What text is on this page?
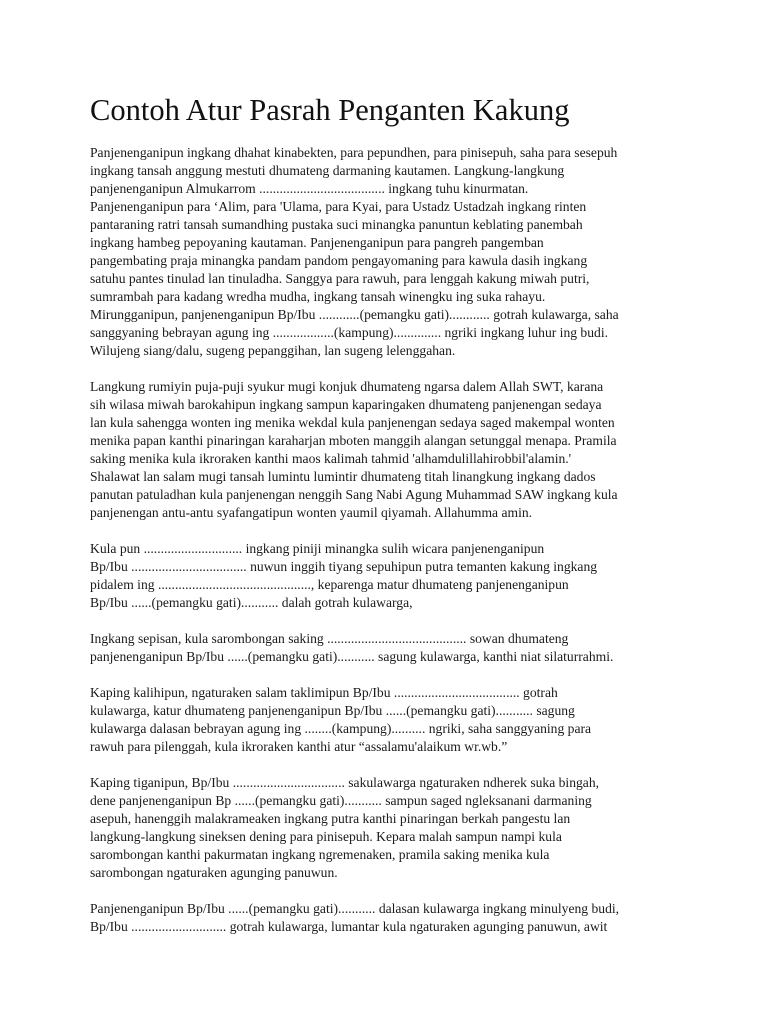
Contoh Atur Pasrah Penganten Kakung
Panjenenganipun ingkang dhahat kinabekten, para pepundhen, para pinisepuh, saha para sesepuh
ingkang tansah anggung mestuti dhumateng darmaning kautamen. Langkung-langkung
panjenenganipun Almukarrom ..................................... ingkang tuhu kinurmatan.
Panjenenganipun para ‘Alim, para 'Ulama, para Kyai, para Ustadz Ustadzah ingkang rinten
pantaraning ratri tansah sumandhing pustaka suci minangka panuntun keblating panembah
ingkang hambeg pepoyaning kautaman. Panjenenganipun para pangreh pangemban
pangembating praja minangka pandam pandom pengayomaning para kawula dasih ingkang
satuhu pantes tinulad lan tinuladha. Sanggya para rawuh, para lenggah kakung miwah putri,
sumrambah para kadang wredha mudha, ingkang tansah winengku ing suka rahayu.
Mirungganipun, panjenenganipun Bp/Ibu ............(pemangku gati)............ gotrah kulawarga, saha
sanggyaning bebrayan agung ing ..................(kampung).............. ngriki ingkang luhur ing budi.
Wilujeng siang/dalu, sugeng pepanggihan, lan sugeng lelenggahan.
Langkung rumiyin puja-puji syukur mugi konjuk dhumateng ngarsa dalem Allah SWT, karana
sih wilasa miwah barokahipun ingkang sampun kaparingaken dhumateng panjenengan sedaya
lan kula sahengga wonten ing menika wekdal kula panjenengan sedaya saged makempal wonten
menika papan kanthi pinaringan karaharjan mboten manggih alangan setunggal menapa. Pramila
saking menika kula ikroraken kanthi maos kalimah tahmid 'alhamdulillahirobbil'alamin.'
Shalawat lan salam mugi tansah lumintu lumintir dhumateng titah linangkung ingkang dados
panutan patuladhan kula panjenengan nenggih Sang Nabi Agung Muhammad SAW ingkang kula
panjenengan antu-antu syafangatipun wonten yaumil qiyamah. Allahumma amin.
Kula pun ............................. ingkang piniji minangka sulih wicara panjenenganipun
Bp/Ibu .................................. nuwun inggih tiyang sepuhipun putra temanten kakung ingkang
pidalem ing ............................................., keparenga matur dhumateng panjenenganipun
Bp/Ibu ......(pemangku gati)........... dalah gotrah kulawarga,
Ingkang sepisan, kula sarombongan saking ......................................... sowan dhumateng
panjenenganipun Bp/Ibu ......(pemangku gati)........... sagung kulawarga, kanthi niat silaturrahmi.
Kaping kalihipun, ngaturaken salam taklimipun Bp/Ibu ..................................... gotrah
kulawarga, katur dhumateng panjenenganipun Bp/Ibu ......(pemangku gati)........... sagung
kulawarga dalasan bebrayan agung ing ........(kampung).......... ngriki, saha sanggyaning para
rawuh para pilenggah, kula ikroraken kanthi atur “assalamu'alaikum wr.wb.”
Kaping tiganipun, Bp/Ibu ................................. sakulawarga ngaturaken ndherek suka bingah,
dene panjenenganipun Bp ......(pemangku gati)........... sampun saged ngleksanani darmaning
asepuh, hanenggih malakrameaken ingkang putra kanthi pinaringan berkah pangestu lan
langkung-langkung sineksen dening para pinisepuh. Kepara malah sampun nampi kula
sarombongan kanthi pakurmatan ingkang ngremenaken, pramila saking menika kula
sarombongan ngaturaken agunging panuwun.
Panjenenganipun Bp/Ibu ......(pemangku gati)........... dalasan kulawarga ingkang minulyeng budi,
Bp/Ibu ............................ gotrah kulawarga, lumantar kula ngaturaken agunging panuwun, awit
